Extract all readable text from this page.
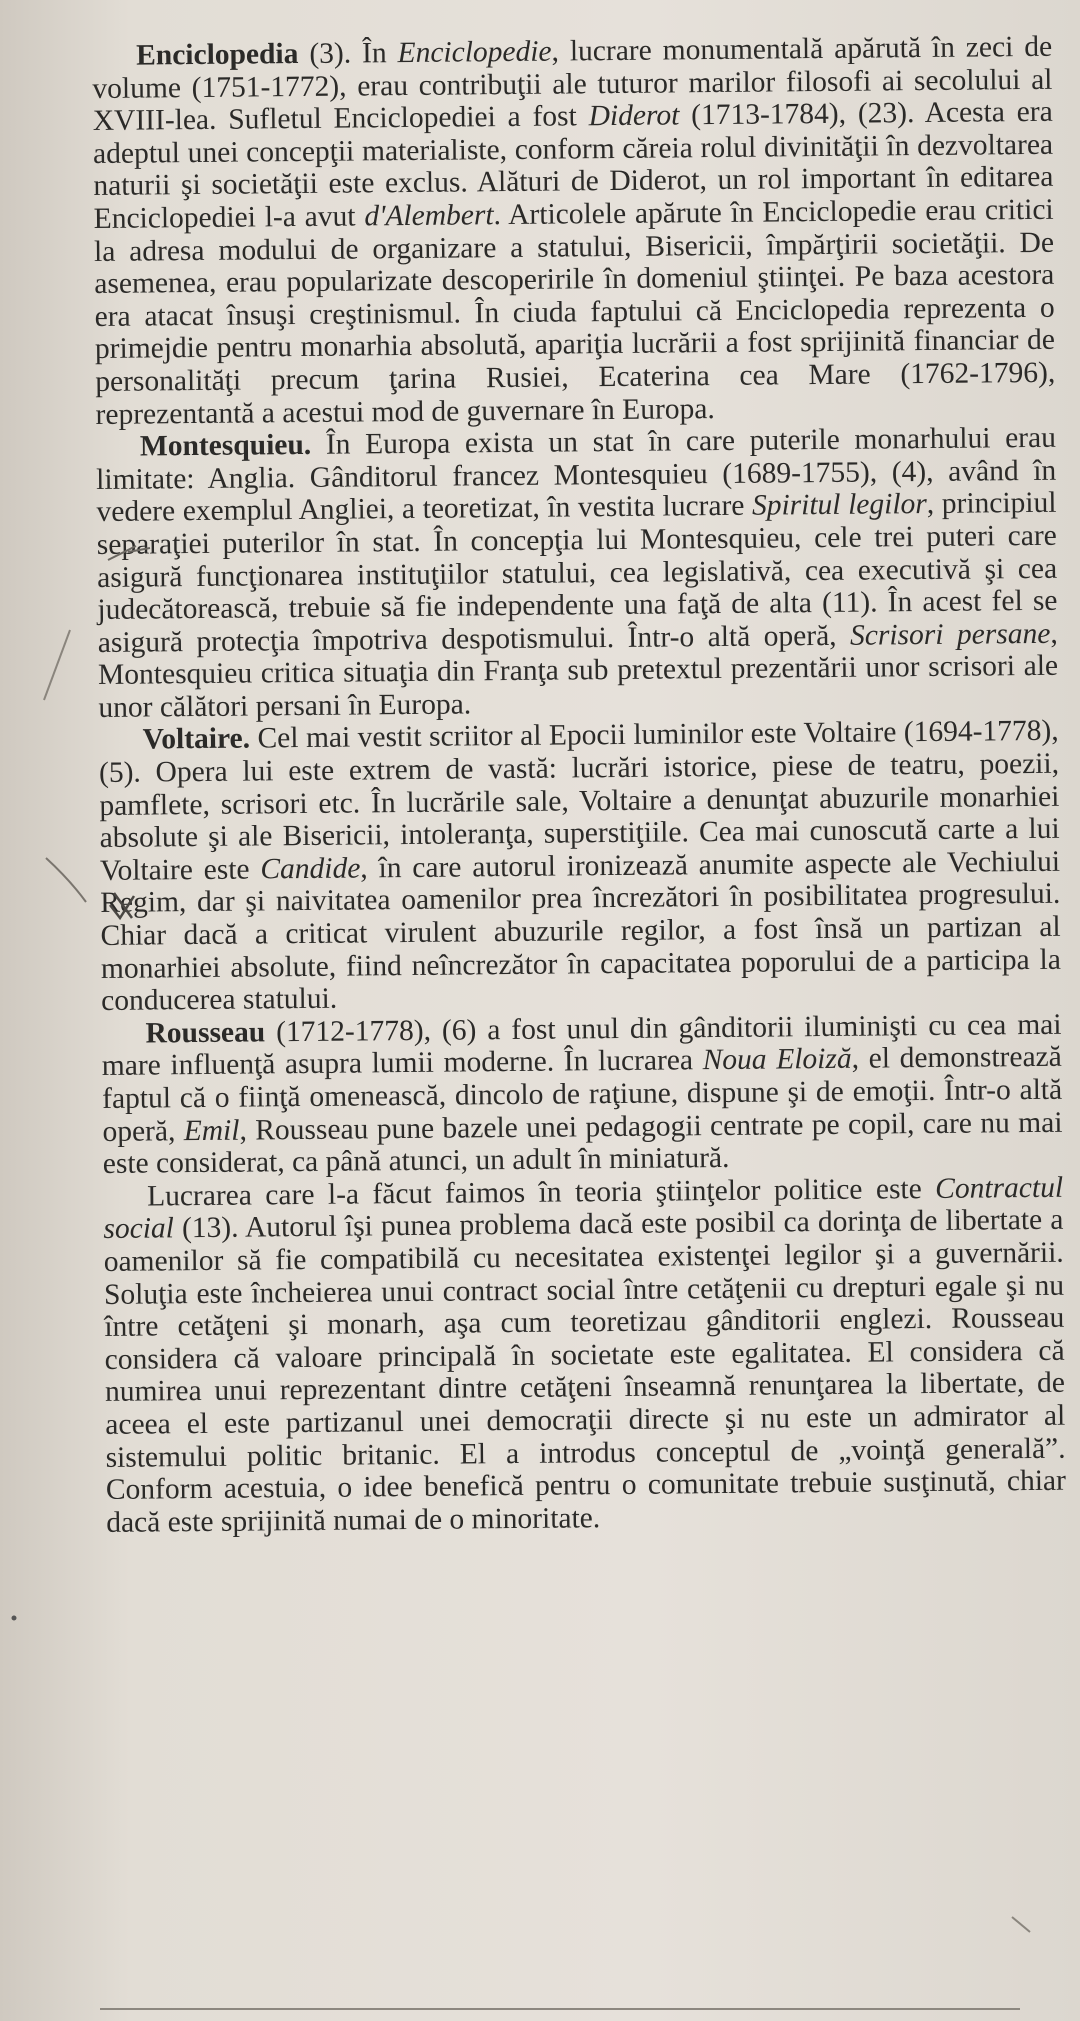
Enciclopedia (3). În Enciclopedie, lucrare monumentală apărută în zeci de volume (1751-1772), erau contribuţii ale tuturor marilor filosofi ai secolului al XVIII-lea. Sufletul Enciclopediei a fost Diderot (1713-1784), (23). Acesta era adeptul unei concepţii materialiste, conform căreia rolul divinităţii în dezvoltarea naturii şi societăţii este exclus. Alături de Diderot, un rol important în editarea Enciclopediei l-a avut d'Alembert. Articolele apărute în Enciclopedie erau critici la adresa modului de organizare a statului, Bisericii, împărţirii societăţii. De asemenea, erau popularizate descoperirile în domeniul ştiinţei. Pe baza acestora era atacat însuşi creştinismul. În ciuda faptului că Enciclopedia reprezenta o primejdie pentru monarhia absolută, apariţia lucrării a fost sprijinită financiar de personalităţi precum ţarina Rusiei, Ecaterina cea Mare (1762-1796), reprezentantă a acestui mod de guvernare în Europa.

Montesquieu. În Europa exista un stat în care puterile monarhului erau limitate: Anglia. Gânditorul francez Montesquieu (1689-1755), (4), având în vedere exemplul Angliei, a teoretizat, în vestita lucrare Spiritul legilor, principiul separaţiei puterilor în stat. În concepţia lui Montesquieu, cele trei puteri care asigură funcţionarea instituţiilor statului, cea legislativă, cea executivă şi cea judecătorească, trebuie să fie independente una faţă de alta (11). În acest fel se asigură protecţia împotriva despotismului. Într-o altă operă, Scrisori persane, Montesquieu critica situaţia din Franţa sub pretextul prezentării unor scrisori ale unor călători persani în Europa.

Voltaire. Cel mai vestit scriitor al Epocii luminilor este Voltaire (1694-1778), (5). Opera lui este extrem de vastă: lucrări istorice, piese de teatru, poezii, pamflete, scrisori etc. În lucrările sale, Voltaire a denunţat abuzurile monarhiei absolute şi ale Bisericii, intoleranţa, superstiţiile. Cea mai cunoscută carte a lui Voltaire este Candide, în care autorul ironizează anumite aspecte ale Vechiului Regim, dar şi naivitatea oamenilor prea încrezători în posibilitatea progresului. Chiar dacă a criticat virulent abuzurile regilor, a fost însă un partizan al monarhiei absolute, fiind neîncrezător în capacitatea poporului de a participa la conducerea statului.

Rousseau (1712-1778), (6) a fost unul din gânditorii iluminişti cu cea mai mare influenţă asupra lumii moderne. În lucrarea Noua Eloiză, el demonstrează faptul că o fiinţă omenească, dincolo de raţiune, dispune şi de emoţii. Într-o altă operă, Emil, Rousseau pune bazele unei pedagogii centrate pe copil, care nu mai este considerat, ca până atunci, un adult în miniatură.

Lucrarea care l-a făcut faimos în teoria ştiinţelor politice este Contractul social (13). Autorul îşi punea problema dacă este posibil ca dorinţa de libertate a oamenilor să fie compatibilă cu necesitatea existenţei legilor şi a guvernării. Soluţia este încheierea unui contract social între cetăţenii cu drepturi egale şi nu între cetăţeni şi monarh, aşa cum teoretizau gânditorii englezi. Rousseau considera că valoare principală în societate este egalitatea. El considera că numirea unui reprezentant dintre cetăţeni înseamnă renunţarea la libertate, de aceea el este partizanul unei democraţii directe şi nu este un admirator al sistemului politic britanic. El a introdus conceptul de „voinţă generală”. Conform acestuia, o idee benefică pentru o comunitate trebuie susţinută, chiar dacă este sprijinită numai de o minoritate.
